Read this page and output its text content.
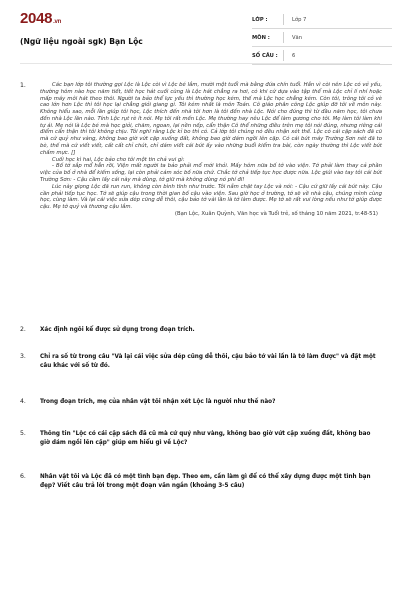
2048.vn
(Ngữ liệu ngoài sgk) Bạn Lộc
LỚP :	Lớp 7
MÔN :	Văn
SỐ CÂU :	6
1.	Các bạn lớp tôi thường gọi Lộc là Lộc còi vì Lộc bé lắm, mười một tuổi mà bằng đứa chín tuổi. Hắn vì còi nên Lộc có vẻ yếu, thường hôm nào học năm tiết, tiết học hát cuối cùng là Lộc hát chẳng ra hơi, có khi cứ dựa vào tập thể mà Lộc chỉ lí nhí hoặc mấp máy môi hát theo thôi. Người ta bảo thể lực yếu thì thường học kém, thế mà Lộc học chẳng kém. Còn tôi, trông tôi cỏ vè cao lớn hơn Lộc thì tôi học lại chẳng giỏi giang gì. Tôi kém nhất là môn Toán. Cô giáo phân công Lộc giúp đỡ tôi về môn này. Không hiểu sao, mỗi lần giúp tôi học, Lộc thích đến nhà tôi hơn là tôi đến nhà Lộc. Nói cho đúng thì từ đầu năm học, tôi chưa đến nhà Lộc lần nào. Tính Lộc rụt rè ít nói. Mẹ tôi rất mến Lộc. Mẹ thường hay nêu Lộc để làm gương cho tôi. Mẹ làm tôi làm khi tự ái. Mẹ nói là Lộc bé mà học giỏi, chăm, ngoan, lại nền nếp, cẩn thận Cô thể những điều trên mẹ tôi nói đúng, nhưng riêng cái điểm cẩn thận thì tôi không chịu. Tôi nghĩ rằng Lộc kỉ bo thì có. Cả lớp tôi chúng nó đều nhận xét thế. Lộc có cái cặp sách đã cũ mà cứ quý như vàng, không bao giờ vứt cặp xuống đất, không bao giờ dám ngồi lên cặp. Có cái bút máy Trường Sơn nét đã to bè, thế mà cứ viết viết, cất cất chỉ chút, chỉ dám viết cái bút ấy vào những buổi kiểm tra bài, còn ngày thường thì Lộc viết bút chấm mực. []

Cuối học kì hai, Lộc bảo cho tôi một tin chả vui gì:

- Bố tớ sắp mổ hẳn rồi, Viện mất người ta bảo phải mổ mới khỏi. Mấy hôm nữa bố tớ vào viện. Tớ phải làm thay cả phần việc của bố ở nhà để kiếm sống, lại còn phải cám sóc bố nữa chứ. Chắc tớ chả tiếp tục học được nữa. Lộc giúi vào tay tôi cái bút Trường Sơn: - Cậu cầm lấy cái này mà dùng, tớ giữ mà không dùng nó phí đi!

Lúc này giọng Lộc đã run run, không còn bình tĩnh như trước. Tôi nắm chặt tay Lộc và nói: - Cậu cứ giữ lấy cái bút này. Cậu cần phải tiếp tục học. Tớ sẽ giúp cậu trong thời gian bố cậu vào viện. Sau giờ học ở trường, tớ sẽ về nhà cậu, chúng mình cùng học, cùng làm. Và lại cái việc sửa dép cũng dễ thôi, cậu bảo tớ vài lần là tớ làm được. Mẹ tớ sẽ rất vui lòng nếu như tớ giúp được cậu. Mẹ tớ quý và thương cậu lắm.

(Bạn Lộc, Xuân Quỳnh, Văn học và Tuổi trẻ, số tháng 10 năm 2021, tr.48-51)

2.	Xác định ngôi kể được sử dụng trong đoạn trích.
3.	Chỉ ra số từ trong câu "Và lại cái việc sửa dép cũng dễ thôi, cậu bảo tớ vài lần là tớ làm được" và đặt một câu khác với số từ đó.
4.	Trong đoạn trích, mẹ của nhân vật tôi nhận xét Lộc là người như thế nào?
5.	Thông tin "Lộc có cái cặp sách đã cũ mà cứ quý như vàng, không bao giờ vứt cặp xuống đất, không bao giờ dám ngồi lên cặp" giúp em hiểu gì về Lộc?
6.	Nhân vật tôi và Lộc đã có một tình bạn đẹp. Theo em, cần làm gì để có thể xây dựng được một tình bạn đẹp? Viết câu trả lời trong một đoạn văn ngắn (khoảng 3-5 câu)
